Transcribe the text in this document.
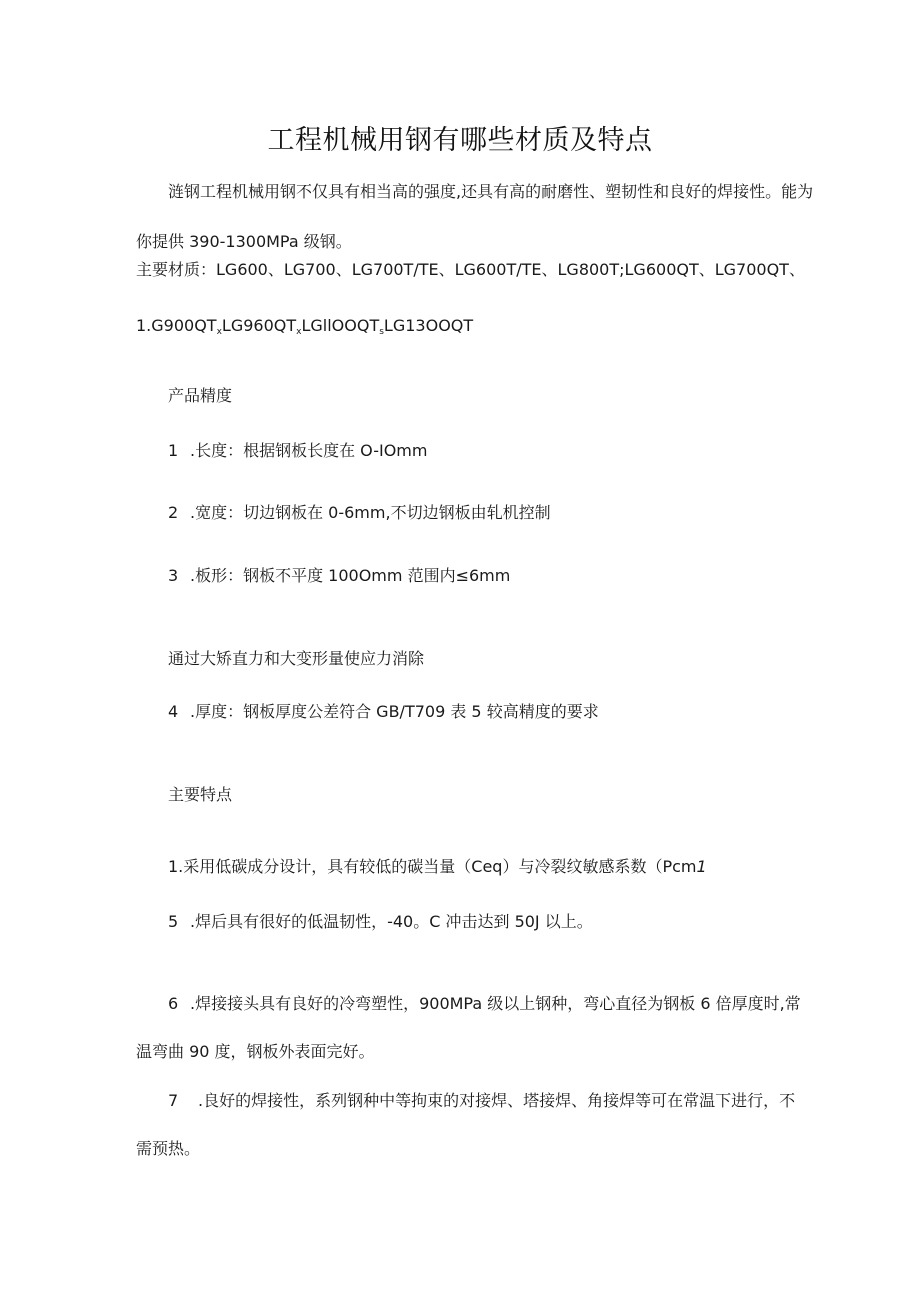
工程机械用钢有哪些材质及特点
涟钢工程机械用钢不仅具有相当高的强度,还具有高的耐磨性、塑韧性和良好的焊接性。能为
你提供 390-1300MPa 级钢。
主要材质：LG600、LG700、LG700T/TE、LG600T/TE、LG800T;LG600QT、LG700QT、
$1.G900QT_xLG960QT_xLGllOOQT_sLG13OOQT$
产品精度
1 .长度：根据钢板长度在 O-IOmm
2 .宽度：切边钢板在 0-6mm,不切边钢板由轧机控制
3 .板形：钢板不平度 100Omm 范围内≤6mm
通过大矫直力和大变形量使应力消除
4 .厚度：钢板厚度公差符合 GB/T709 表 5 较高精度的要求
主要特点
1.采用低碳成分设计，具有较低的碳当量（Ceq）与冷裂纹敏感系数（Pcm1
5 .焊后具有很好的低温韧性，-40。C 冲击达到 50J 以上。
6 .焊接接头具有良好的冷弯塑性，900MPa 级以上钢种，弯心直径为钢板 6 倍厚度时,常
温弯曲 90 度，钢板外表面完好。
7 .良好的焊接性，系列钢种中等拘束的对接焊、塔接焊、角接焊等可在常温下进行，不
需预热。
